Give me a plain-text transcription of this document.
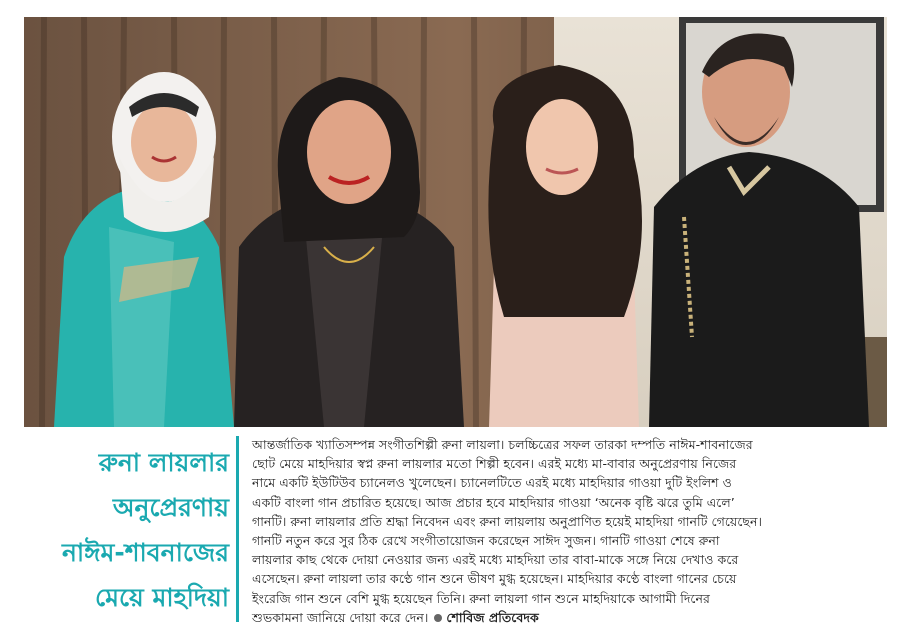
রুনা লায়লার
অনুপ্রেরণায়
নাঈম-শাবনাজের
মেয়ে মাহদিয়া
আন্তর্জাতিক খ্যাতিসম্পন্ন সংগীতশিল্পী রুনা লায়লা। চলচ্চিত্রের সফল তারকা দম্পতি নাঈম-শাবনাজের
ছোট মেয়ে মাহদিয়ার স্বপ্ন রুনা লায়লার মতো শিল্পী হবেন। এরই মধ্যে মা-বাবার অনুপ্রেরণায় নিজের
নামে একটি ইউটিউব চ্যানেলও খুলেছেন। চ্যানেলটিতে এরই মধ্যে মাহদিয়ার গাওয়া দুটি ইংলিশ ও
একটি বাংলা গান প্রচারিত হয়েছে। আজ প্রচার হবে মাহদিয়ার গাওয়া ‘অনেক বৃষ্টি ঝরে তুমি এলে’
গানটি। রুনা লায়লার প্রতি শ্রদ্ধা নিবেদন এবং রুনা লায়লায় অনুপ্রাণিত হয়েই মাহদিয়া গানটি গেয়েছেন।
গানটি নতুন করে সুর ঠিক রেখে সংগীতায়োজন করেছেন সাঈদ সুজন। গানটি গাওয়া শেষে রুনা
লায়লার কাছ থেকে দোয়া নেওয়ার জন্য এরই মধ্যে মাহদিয়া তার বাবা-মাকে সঙ্গে নিয়ে দেখাও করে
এসেছেন। রুনা লায়লা তার কণ্ঠে গান শুনে ভীষণ মুগ্ধ হয়েছেন। মাহদিয়ার কণ্ঠে বাংলা গানের চেয়ে
ইংরেজি গান শুনে বেশি মুগ্ধ হয়েছেন তিনি। রুনা লায়লা গান শুনে মাহদিয়াকে আগামী দিনের
শুভকামনা জানিয়ে দোয়া করে দেন। শোবিজ প্রতিবেদক
